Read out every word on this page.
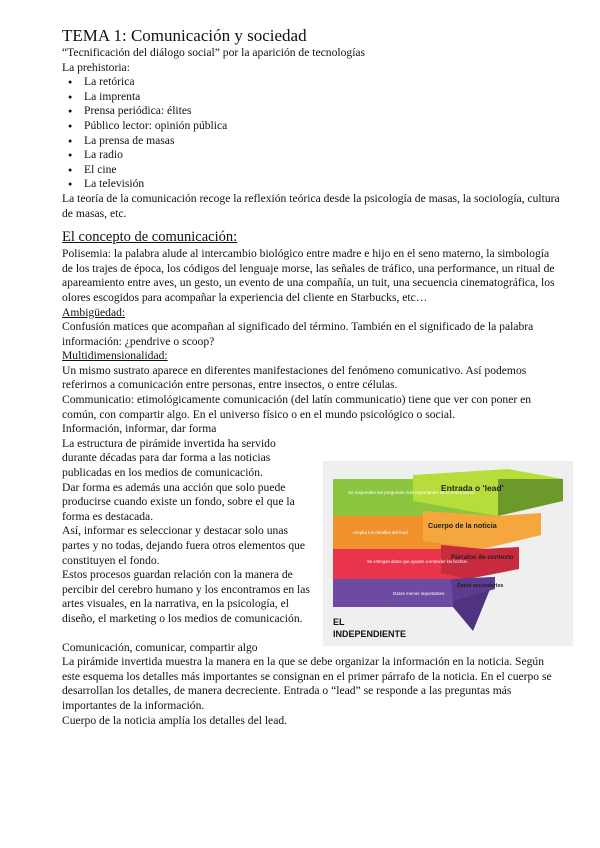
TEMA 1: Comunicación y sociedad

“Tecnificación del diálogo social” por la aparición de tecnologías

La prehistoria:

● La retórica
● La imprenta
● Prensa periódica: élites
● Público lector: opinión pública
● La prensa de masas
● La radio
● El cine
● La televisión

La teoría de la comunicación recoge la reflexión teórica desde la psicología de masas, la sociología, cultura de masas, etc.

El concepto de comunicación:

Polisemia: la palabra alude al intercambio biológico entre madre e hijo en el seno materno, la simbología de los trajes de época, los códigos del lenguaje morse, las señales de tráfico, una performance, un ritual de apareamiento entre aves, un gesto, un evento de una compañía, un tuit, una secuencia cinematográfica, los olores escogidos para acompañar la experiencia del cliente en Starbucks, etc…

Ambigüedad:

Confusión matices que acompañan al significado del término. También en el significado de la palabra información: ¿pendrive o scoop?

Multidimensionalidad:

Un mismo sustrato aparece en diferentes manifestaciones del fenómeno comunicativo. Así podemos referirnos a comunicación entre personas, entre insectos, o entre células.

Communicatio: etimológicamente comunicación (del latín communicatio) tiene que ver con poner en común, con compartir algo. En el universo físico o en el mundo psicológico o social.

Información, informar, dar forma

La estructura de pirámide invertida ha servido durante décadas para dar forma a las noticias publicadas en los medios de comunicación.

Dar forma es además una acción que solo puede producirse cuando existe un fondo, sobre el que la forma es destacada.

Así, informar es seleccionar y destacar solo unas partes y no todas, dejando fuera otros elementos que constituyen el fondo.

Estos procesos guardan relación con la manera de percibir del cerebro humano y los encontramos en las artes visuales, en la narrativa, en la psicología, el diseño, el marketing o los medios de comunicación.

Comunicación, comunicar, compartir algo

La pirámide invertida muestra la manera en la que se debe organizar la información en la noticia. Según este esquema los detalles más importantes se consignan en el primer párrafo de la noticia. En el cuerpo se desarrollan los detalles, de manera decreciente. Entrada o “lead” se responde a las preguntas más importantes de la información.

Cuerpo de la noticia amplía los detalles del lead.

Se responden las preguntas más importantes de la información.
Entrada o 'lead'
Amplía los detalles del lead.
Cuerpo de la noticia
Se entregan datos que ayuden a entender los hechos.
Párrafos de contexto
Datos menos importantes.
Datos secundarios
EL
INDEPENDIENTE
